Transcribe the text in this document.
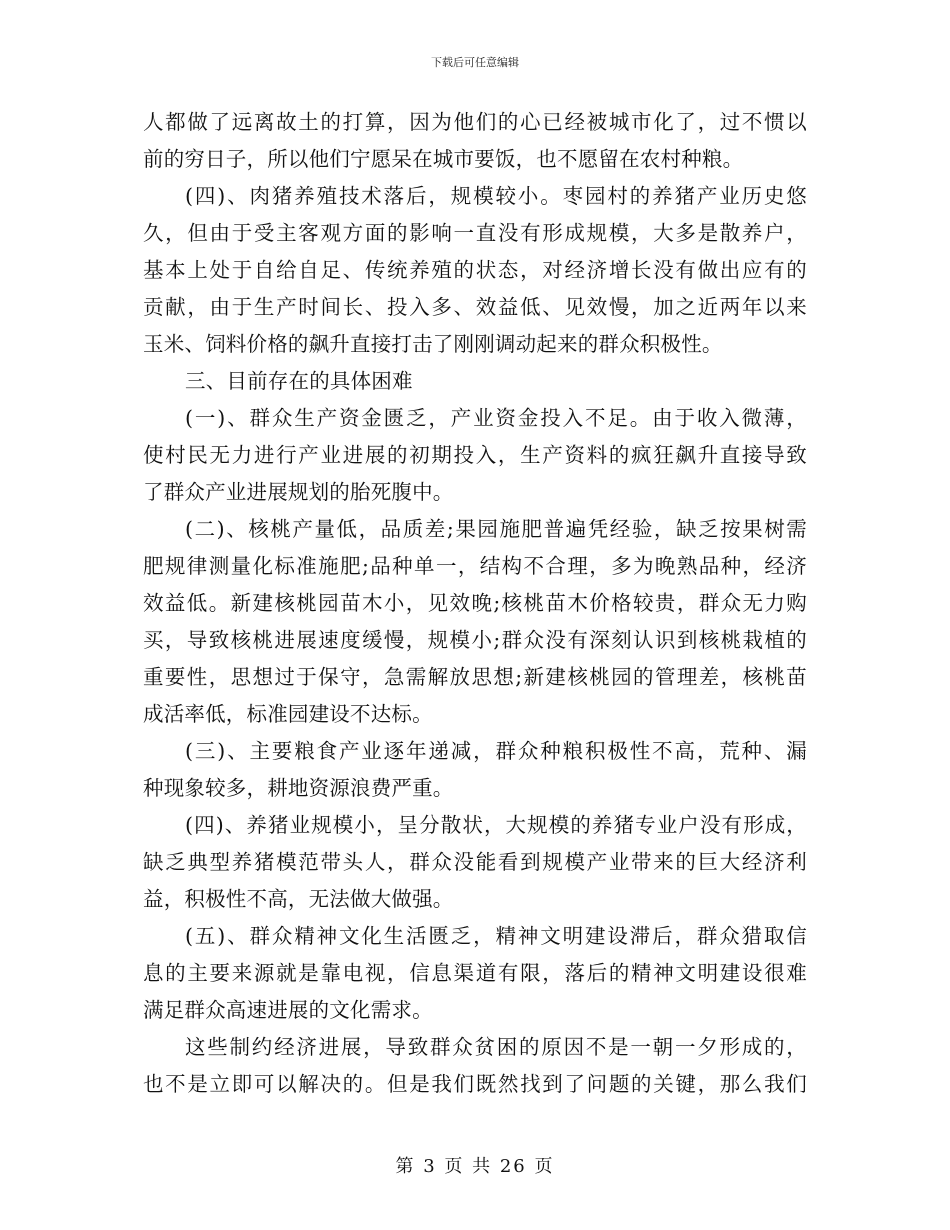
下载后可任意编辑
人都做了远离故土的打算，因为他们的心已经被城市化了，过不惯以
前的穷日子，所以他们宁愿呆在城市要饭，也不愿留在农村种粮。
(四)、肉猪养殖技术落后，规模较小。枣园村的养猪产业历史悠
久，但由于受主客观方面的影响一直没有形成规模，大多是散养户，
基本上处于自给自足、传统养殖的状态，对经济增长没有做出应有的
贡献，由于生产时间长、投入多、效益低、见效慢，加之近两年以来
玉米、饲料价格的飙升直接打击了刚刚调动起来的群众积极性。
三、目前存在的具体困难
(一)、群众生产资金匮乏，产业资金投入不足。由于收入微薄，
使村民无力进行产业进展的初期投入，生产资料的疯狂飙升直接导致
了群众产业进展规划的胎死腹中。
(二)、核桃产量低，品质差;果园施肥普遍凭经验，缺乏按果树需
肥规律测量化标准施肥;品种单一，结构不合理，多为晚熟品种，经济
效益低。新建核桃园苗木小，见效晚;核桃苗木价格较贵，群众无力购
买，导致核桃进展速度缓慢，规模小;群众没有深刻认识到核桃栽植的
重要性，思想过于保守，急需解放思想;新建核桃园的管理差，核桃苗
成活率低，标准园建设不达标。
(三)、主要粮食产业逐年递减，群众种粮积极性不高，荒种、漏
种现象较多，耕地资源浪费严重。
(四)、养猪业规模小，呈分散状，大规模的养猪专业户没有形成，
缺乏典型养猪模范带头人，群众没能看到规模产业带来的巨大经济利
益，积极性不高，无法做大做强。
(五)、群众精神文化生活匮乏，精神文明建设滞后，群众猎取信
息的主要来源就是靠电视，信息渠道有限，落后的精神文明建设很难
满足群众高速进展的文化需求。
这些制约经济进展，导致群众贫困的原因不是一朝一夕形成的，
也不是立即可以解决的。但是我们既然找到了问题的关键，那么我们
第 3 页 共 26 页
